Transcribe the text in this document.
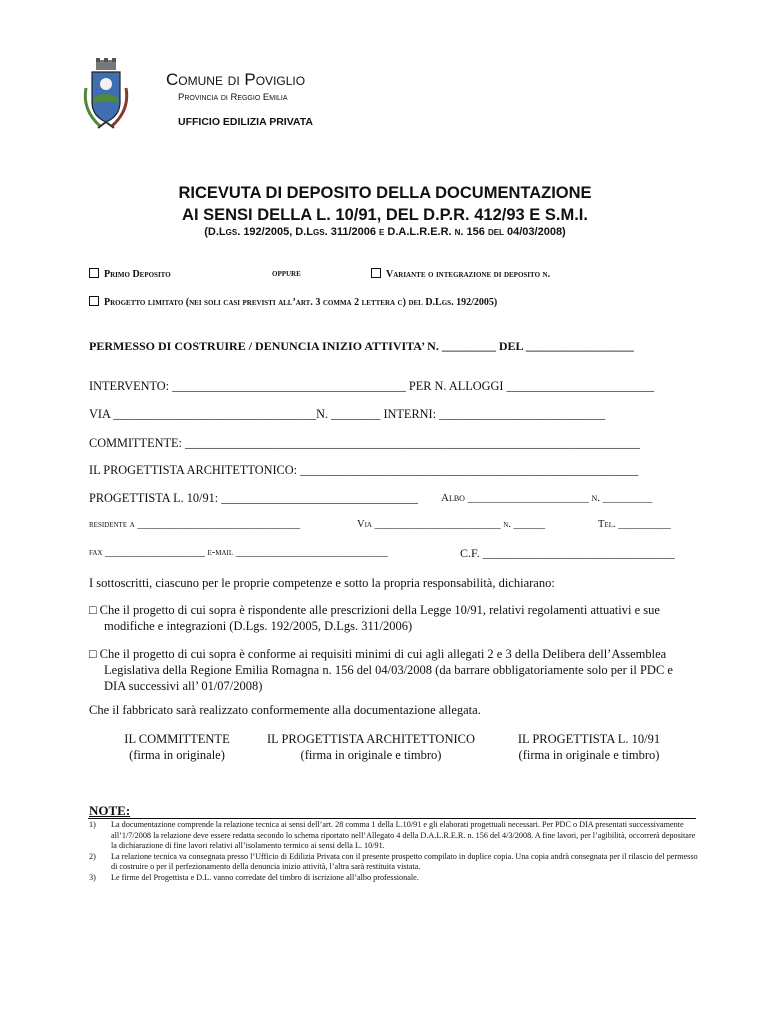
Comune di Poviglio
Provincia di Reggio Emilia
UFFICIO EDILIZIA PRIVATA
RICEVUTA DI DEPOSITO DELLA DOCUMENTAZIONE
AI SENSI DELLA L. 10/91, DEL D.P.R. 412/93 E S.M.I.
(D.Lgs. 192/2005, D.Lgs. 311/2006 e D.A.L.R.E.R. n. 156 del 04/03/2008)
Primo Deposito	oppure	Variante o integrazione di deposito n.
Progetto limitato (nei soli casi previsti all’art. 3 comma 2 lettera c) del D.Lgs. 192/2005)
PERMESSO DI COSTRUIRE / DENUNCIA INIZIO ATTIVITA’ N. _________ DEL __________________
INTERVENTO: ______________________________________ PER N. ALLOGGI ________________________
VIA _________________________________N. ________ INTERNI: ___________________________
COMMITTENTE: __________________________________________________________________________
IL PROGETTISTA ARCHITETTONICO: _______________________________________________________
PROGETTISTA L. 10/91: ________________________________ Albo ______________________ n. _________
residente a _______________________________	Via ________________________ n. ______	Tel. __________
fax ___________________ e-mail _____________________________	C.F. ________________________________
I sottoscritti, ciascuno per le proprie competenze e sotto la propria responsabilità, dichiarano:
□ Che il progetto di cui sopra è rispondente alle prescrizioni della Legge 10/91, relativi regolamenti attuativi e sue
modifiche e integrazioni (D.Lgs. 192/2005, D.Lgs. 311/2006)
□ Che il progetto di cui sopra è conforme ai requisiti minimi di cui agli allegati 2 e 3 della Delibera dell’Assemblea
Legislativa della Regione Emilia Romagna n. 156 del 04/03/2008 (da barrare obbligatoriamente solo per il PDC e
DIA successivi all’ 01/07/2008)
Che il fabbricato sarà realizzato conformemente alla documentazione allegata.
IL COMMITTENTE
(firma in originale)
IL PROGETTISTA ARCHITETTONICO
(firma in originale e timbro)
IL PROGETTISTA L. 10/91
(firma in originale e timbro)
NOTE:
1) La documentazione comprende la relazione tecnica ai sensi dell’art. 28 comma 1 della L.10/91 e gli elaborati progettuali necessari. Per PDC o DIA presentati successivamente all’1/7/2008 la relazione deve essere redatta secondo lo schema riportato nell’Allegato 4 della D.A.L.R.E.R. n. 156 del 4/3/2008. A fine lavori, per l’agibilità, occorrerà depositare la dichiarazione di fine lavori relativi all’isolamento termico ai sensi della L. 10/91.
2) La relazione tecnica va consegnata presso l’Ufficio di Edilizia Privata con il presente prospetto compilato in duplice copia. Una copia andrà consegnata per il rilascio del permesso di costruire o per il perfezionamento della denuncia inizio attività, l’altra sarà restituita vistata.
3) Le firme del Progettista e D.L. vanno corredate del timbro di iscrizione all’albo professionale.
